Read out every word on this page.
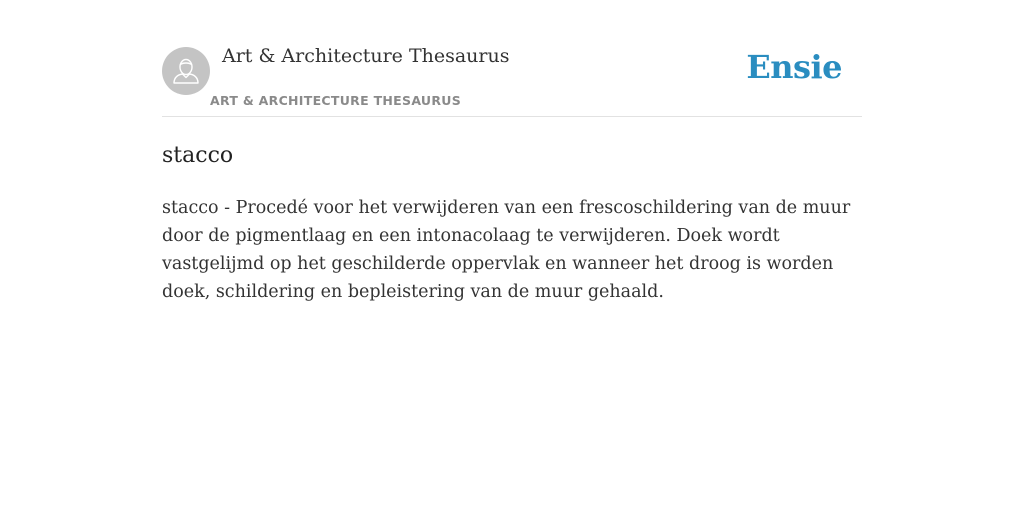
Art & Architecture Thesaurus
ART & ARCHITECTURE THESAURUS
Ensie
stacco

stacco - Procedé voor het verwijderen van een frescoschildering van de muur door de pigmentlaag en een intonacolaag te verwijderen. Doek wordt vastgelijmd op het geschilderde oppervlak en wanneer het droog is worden doek, schildering en bepleistering van de muur gehaald.
